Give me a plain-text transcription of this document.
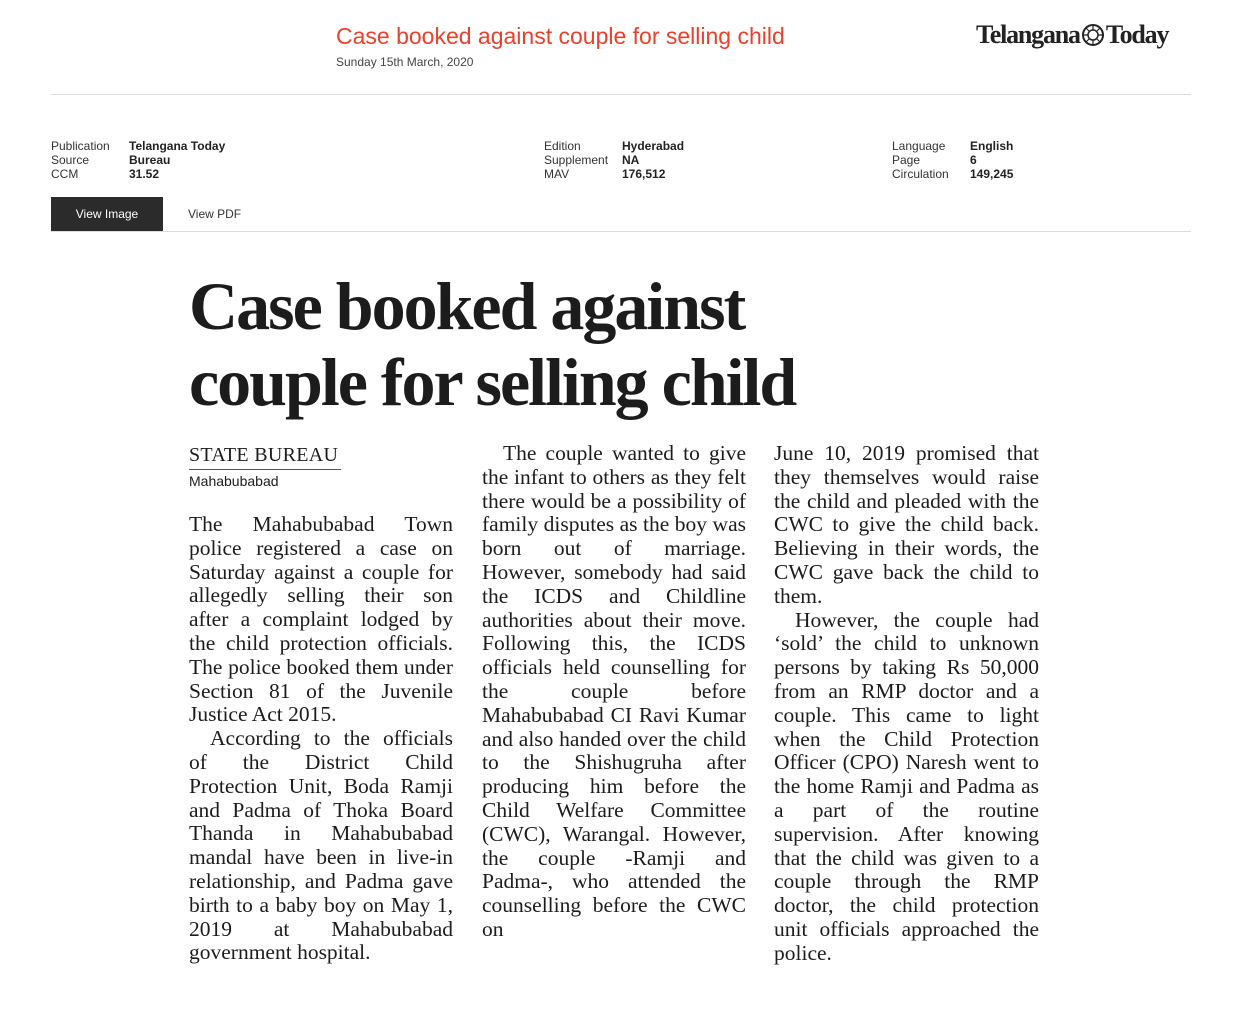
Case booked against couple for selling child
Sunday 15th March, 2020
Telangana Today
Publication	Telangana Today
Source	Bureau
CCM	31.52
Edition	Hyderabad
Supplement	NA
MAV	176,512
Language	English
Page	6
Circulation	149,245
View Image	View PDF
Case booked against couple for selling child
STATE BUREAU
Mahabubabad

The Mahabubabad Town police registered a case on Saturday against a couple for allegedly selling their son after a complaint lodged by the child protection officials. The police booked them under Section 81 of the Juvenile Justice Act 2015.

According to the officials of the District Child Protection Unit, Boda Ramji and Padma of Thoka Board Thanda in Mahabubabad mandal have been in live-in relationship, and Padma gave birth to a baby boy on May 1, 2019 at Mahabubabad government hospital.

The couple wanted to give the infant to others as they felt there would be a possibility of family disputes as the boy was born out of marriage. However, somebody had said the ICDS and Childline authorities about their move. Following this, the ICDS officials held counselling for the couple before Mahabubabad CI Ravi Kumar and also handed over the child to the Shishugruha after producing him before the Child Welfare Committee (CWC), Warangal. However, the couple -Ramji and Padma-, who attended the counselling before the CWC on

June 10, 2019 promised that they themselves would raise the child and pleaded with the CWC to give the child back. Believing in their words, the CWC gave back the child to them.

However, the couple had ‘sold’ the child to unknown persons by taking Rs 50,000 from an RMP doctor and a couple. This came to light when the Child Protection Officer (CPO) Naresh went to the home Ramji and Padma as a part of the routine supervision. After knowing that the child was given to a couple through the RMP doctor, the child protection unit officials approached the police.
